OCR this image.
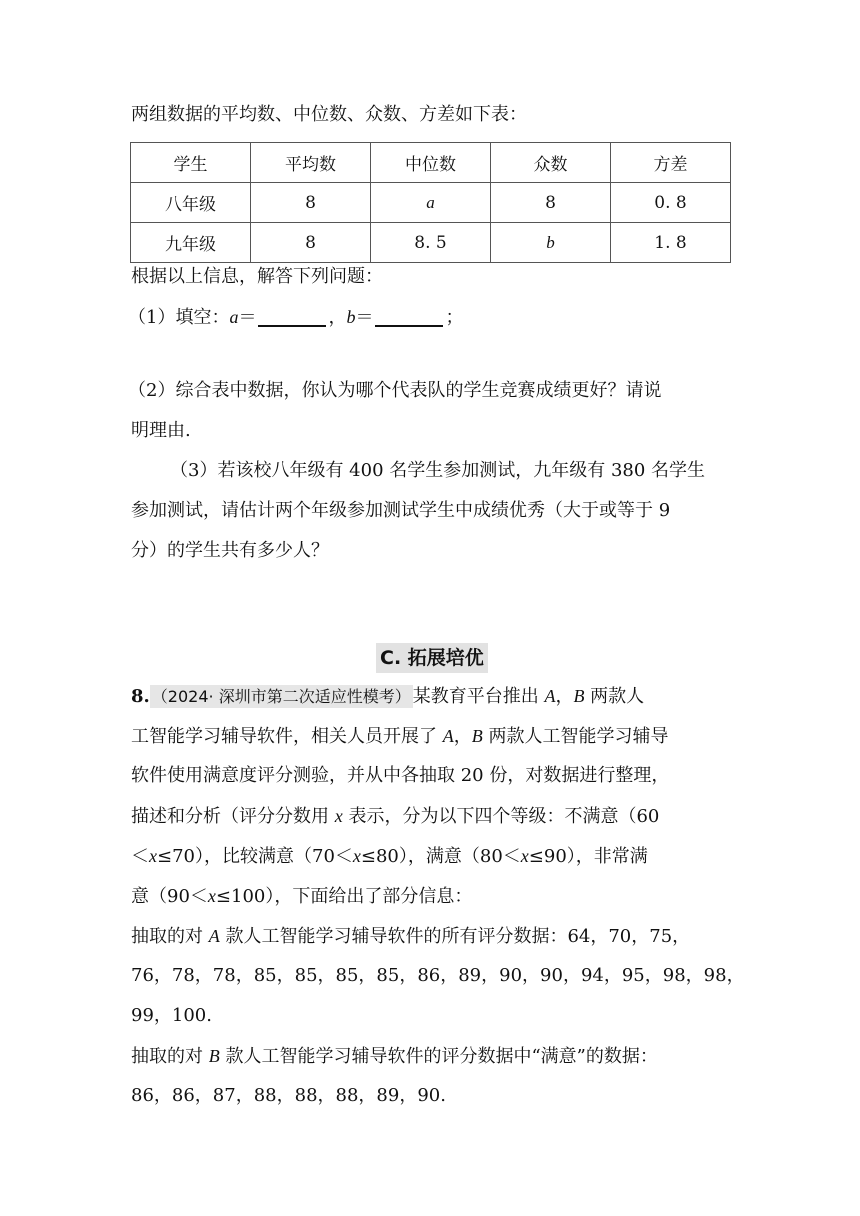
两组数据的平均数、中位数、众数、方差如下表：
学生	平均数	中位数	众数	方差
八年级	8	a	8	0. 8
九年级	8	8. 5	b	1. 8
根据以上信息，解答下列问题：
（1）填空：a＝	，b＝	；
（2）综合表中数据，你认为哪个代表队的学生竞赛成绩更好？请说
明理由.
（3）若该校八年级有 400 名学生参加测试，九年级有 380 名学生
参加测试，请估计两个年级参加测试学生中成绩优秀（大于或等于 9
分）的学生共有多少人？
C. 拓展培优
8. （2024· 深圳市第二次适应性模考） 某教育平台推出 A，B 两款人
工智能学习辅导软件，相关人员开展了 A，B 两款人工智能学习辅导
软件使用满意度评分测验，并从中各抽取 20 份，对数据进行整理，
描述和分析（评分分数用 x 表示，分为以下四个等级：不满意（60
＜x≤70），比较满意（70＜x≤80），满意（80＜x≤90），非常满
意（90＜x≤100），下面给出了部分信息：
抽取的对 A 款人工智能学习辅导软件的所有评分数据：64，70，75，
76，78，78，85，85，85，85，86，89，90，90，94，95，98，98，
99，100.
抽取的对 B 款人工智能学习辅导软件的评分数据中“满意”的数据：
86，86，87，88，88，88，89，90.
